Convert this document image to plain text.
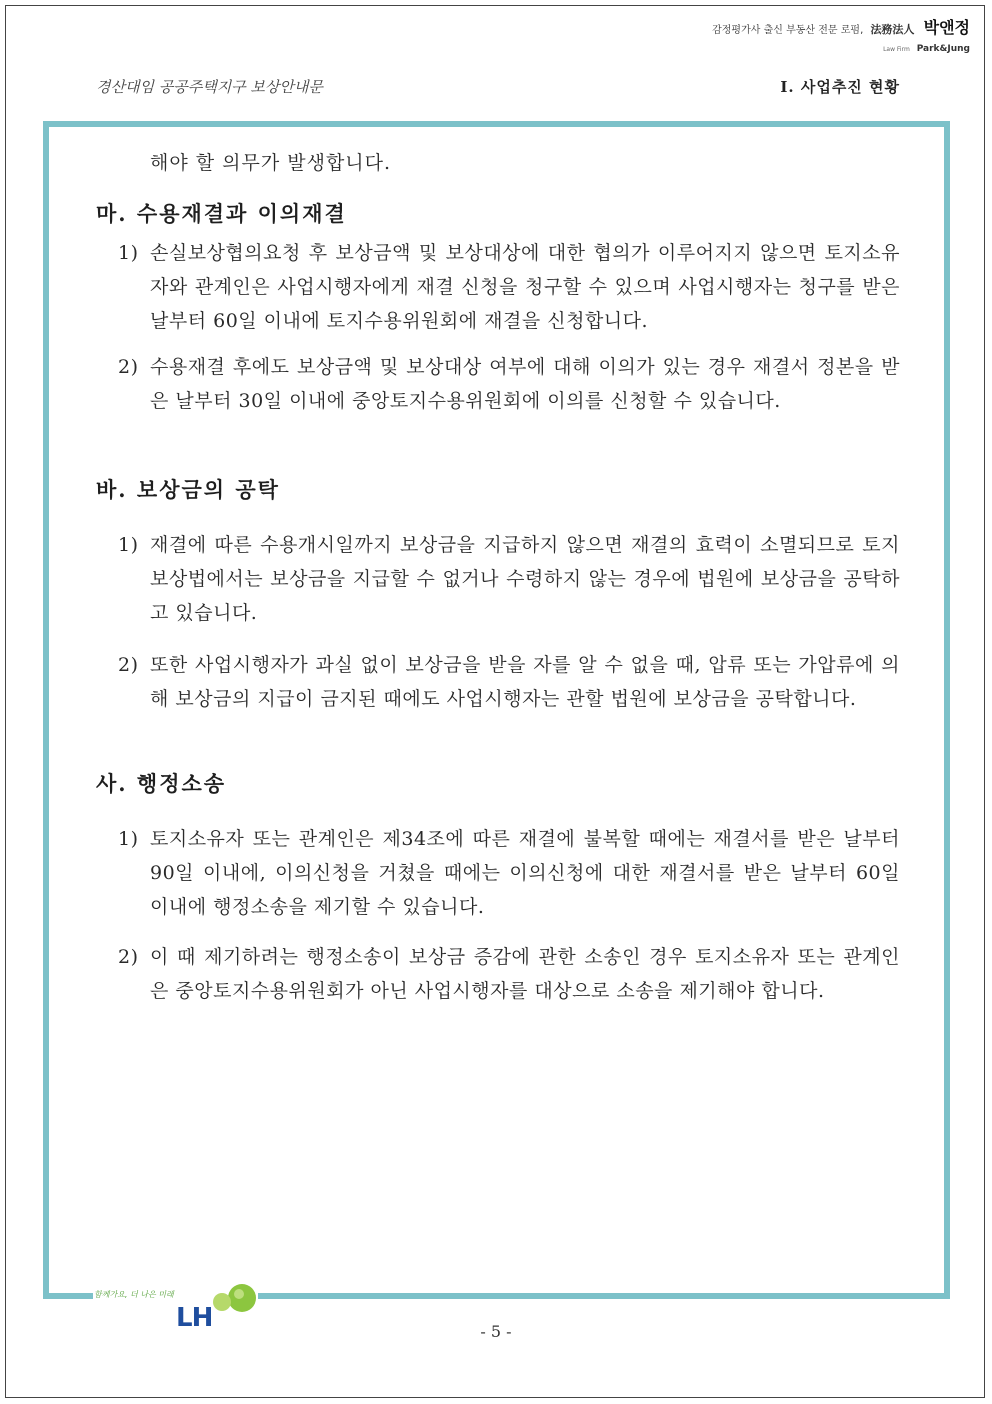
감정평가사 출신 부동산 전문 로펌, 法務法人 박앤정
Law Firm Park&Jung
경산대임 공공주택지구 보상안내문	Ⅰ. 사업추진 현황
해야 할 의무가 발생합니다.
마. 수용재결과 이의재결
1) 손실보상협의요청 후 보상금액 및 보상대상에 대한 협의가 이루어지지 않으면 토지소유자와 관계인은 사업시행자에게 재결 신청을 청구할 수 있으며 사업시행자는 청구를 받은 날부터 60일 이내에 토지수용위원회에 재결을 신청합니다.
2) 수용재결 후에도 보상금액 및 보상대상 여부에 대해 이의가 있는 경우 재결서 정본을 받은 날부터 30일 이내에 중앙토지수용위원회에 이의를 신청할 수 있습니다.
바. 보상금의 공탁
1) 재결에 따른 수용개시일까지 보상금을 지급하지 않으면 재결의 효력이 소멸되므로 토지보상법에서는 보상금을 지급할 수 없거나 수령하지 않는 경우에 법원에 보상금을 공탁하고 있습니다.
2) 또한 사업시행자가 과실 없이 보상금을 받을 자를 알 수 없을 때, 압류 또는 가압류에 의해 보상금의 지급이 금지된 때에도 사업시행자는 관할 법원에 보상금을 공탁합니다.
사. 행정소송
1) 토지소유자 또는 관계인은 제34조에 따른 재결에 불복할 때에는 재결서를 받은 날부터 90일 이내에, 이의신청을 거쳤을 때에는 이의신청에 대한 재결서를 받은 날부터 60일 이내에 행정소송을 제기할 수 있습니다.
2) 이 때 제기하려는 행정소송이 보상금 증감에 관한 소송인 경우 토지소유자 또는 관계인은 중앙토지수용위원회가 아닌 사업시행자를 대상으로 소송을 제기해야 합니다.
함께가요, 더 나은 미래
LH	- 5 -
